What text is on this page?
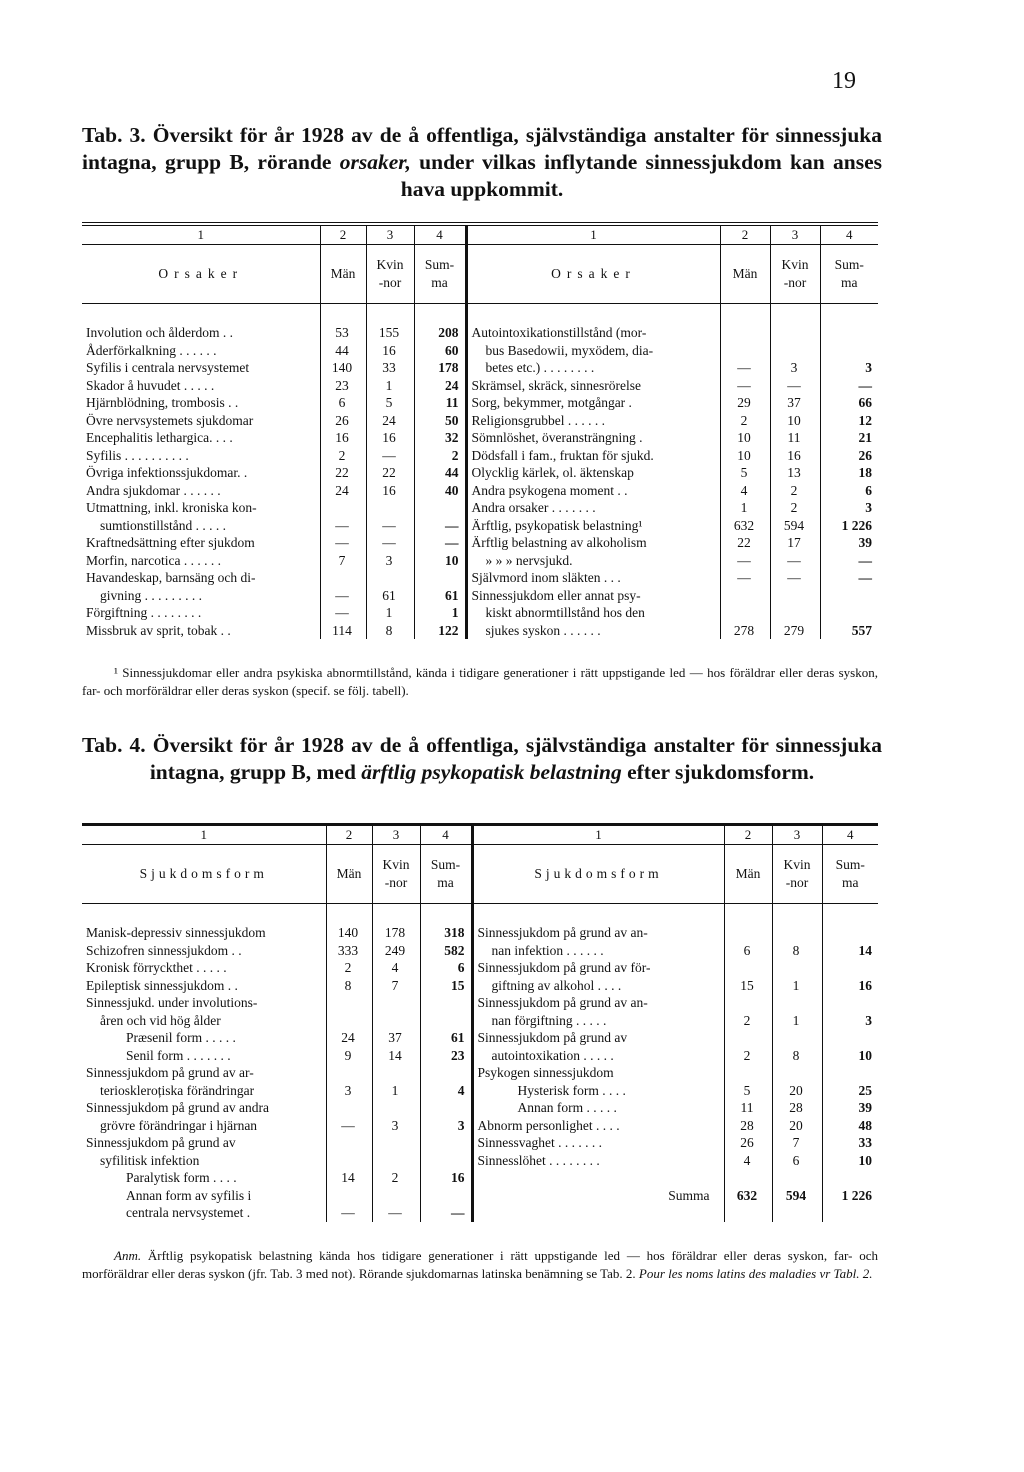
19
Tab. 3. Översikt för år 1928 av de å offentliga, självständiga anstalter för sinnessjuka intagna, grupp B, rörande orsaker, under vilkas inflytande sinnessjukdom kan anses hava uppkommit.
1	2	3	4	1	2	3	4
Orsaker	Män	Kvin-nor	Sum-ma	Orsaker	Män	Kvin-nor	Sum-ma

Involution och ålderdom . .	53	155	208	Autointoxikationstillstånd (mor-			
Åderförkalkning . . . . . .	44	16	60	bus Basedowii, myxödem, dia-			
Syfilis i centrala nervsystemet	140	33	178	betes etc.) . . . . . . . .	—	3	3
Skador å huvudet . . . . .	23	1	24	Skrämsel, skräck, sinnesrörelse	—	—	—
Hjärnblödning, trombosis . .	6	5	11	Sorg, bekymmer, motgångar .	29	37	66
Övre nervsystemets sjukdomar	26	24	50	Religionsgrubbel . . . . . .	2	10	12
Encephalitis lethargica. . . .	16	16	32	Sömnlöshet, överansträngning .	10	11	21
Syfilis . . . . . . . . . .	2	—	2	Dödsfall i fam., fruktan för sjukd.	10	16	26
Övriga infektionssjukdomar. .	22	22	44	Olycklig kärlek, ol. äktenskap	5	13	18
Andra sjukdomar . . . . . .	24	16	40	Andra psykogena moment . .	4	2	6
Utmattning, inkl. kroniska kon-				Andra orsaker . . . . . . .	1	2	3
sumtionstillstånd . . . . .	—	—	—	Ärftlig, psykopatisk belastning¹	632	594	1 226
Kraftnedsättning efter sjukdom	—	—	—	Ärftlig belastning av alkoholism	22	17	39
Morfin, narcotica . . . . . .	7	3	10	» » » nervsjukd.	—	—	—
Havandeskap, barnsäng och di-				Självmord inom släkten . . .	—	—	—
givning . . . . . . . . .	—	61	61	Sinnessjukdom eller annat psy-			
Förgiftning . . . . . . . .	—	1	1	kiskt abnormtillstånd hos den			
Missbruk av sprit, tobak . .	114	8	122	sjukes syskon . . . . . .	278	279	557
¹ Sinnessjukdomar eller andra psykiska abnormtillstånd, kända i tidigare generationer i rätt uppstigande led — hos föräldrar eller deras syskon, far- och morföräldrar eller deras syskon (specif. se följ. tabell).
Tab. 4. Översikt för år 1928 av de å offentliga, självständiga anstalter för sinnessjuka intagna, grupp B, med ärftlig psykopatisk belastning efter sjukdomsform.
1	2	3	4	1	2	3	4
Sjukdomsform	Män	Kvin-nor	Sum-ma	Sjukdomsform	Män	Kvin-nor	Sum-ma

Manisk-depressiv sinnessjukdom	140	178	318	Sinnessjukdom på grund av an-			
Schizofren sinnessjukdom . .	333	249	582	nan infektion . . . . . .	6	8	14
Kronisk förryckthet . . . . .	2	4	6	Sinnessjukdom på grund av för-			
Epileptisk sinnessjukdom . .	8	7	15	giftning av alkohol . . . .	15	1	16
Sinnessjukd. under involutions-				Sinnessjukdom på grund av an-			
åren och vid hög ålder				nan förgiftning . . . . .	2	1	3
Præsenil form . . . . .	24	37	61	Sinnessjukdom på grund av			
Senil form . . . . . . .	9	14	23	autointoxikation . . . . .	2	8	10
Sinnessjukdom på grund av ar-				Psykogen sinnessjukdom			
terioskleroțiska förändringar	3	1	4	Hysterisk form . . . .	5	20	25
Sinnessjukdom på grund av andra				Annan form . . . . .	11	28	39
grövre förändringar i hjärnan	—	3	3	Abnorm personlighet . . . .	28	20	48
Sinnessjukdom på grund av				Sinnessvaghet . . . . . . .	26	7	33
syfilitisk infektion				Sinnesslöhet . . . . . . . .	4	6	10
Paralytisk form . . . .	14	2	16				
Annan form av syfilis i				Summa	632	594	1 226
centrala nervsystemet .	—	—	—				
Anm. Ärftlig psykopatisk belastning kända hos tidigare generationer i rätt uppstigande led — hos föräldrar eller deras syskon, far- och morföräldrar eller deras syskon (jfr. Tab. 3 med not). Rörande sjukdomarnas latinska benämning se Tab. 2. Pour les noms latins des maladies vr Tabl. 2.
